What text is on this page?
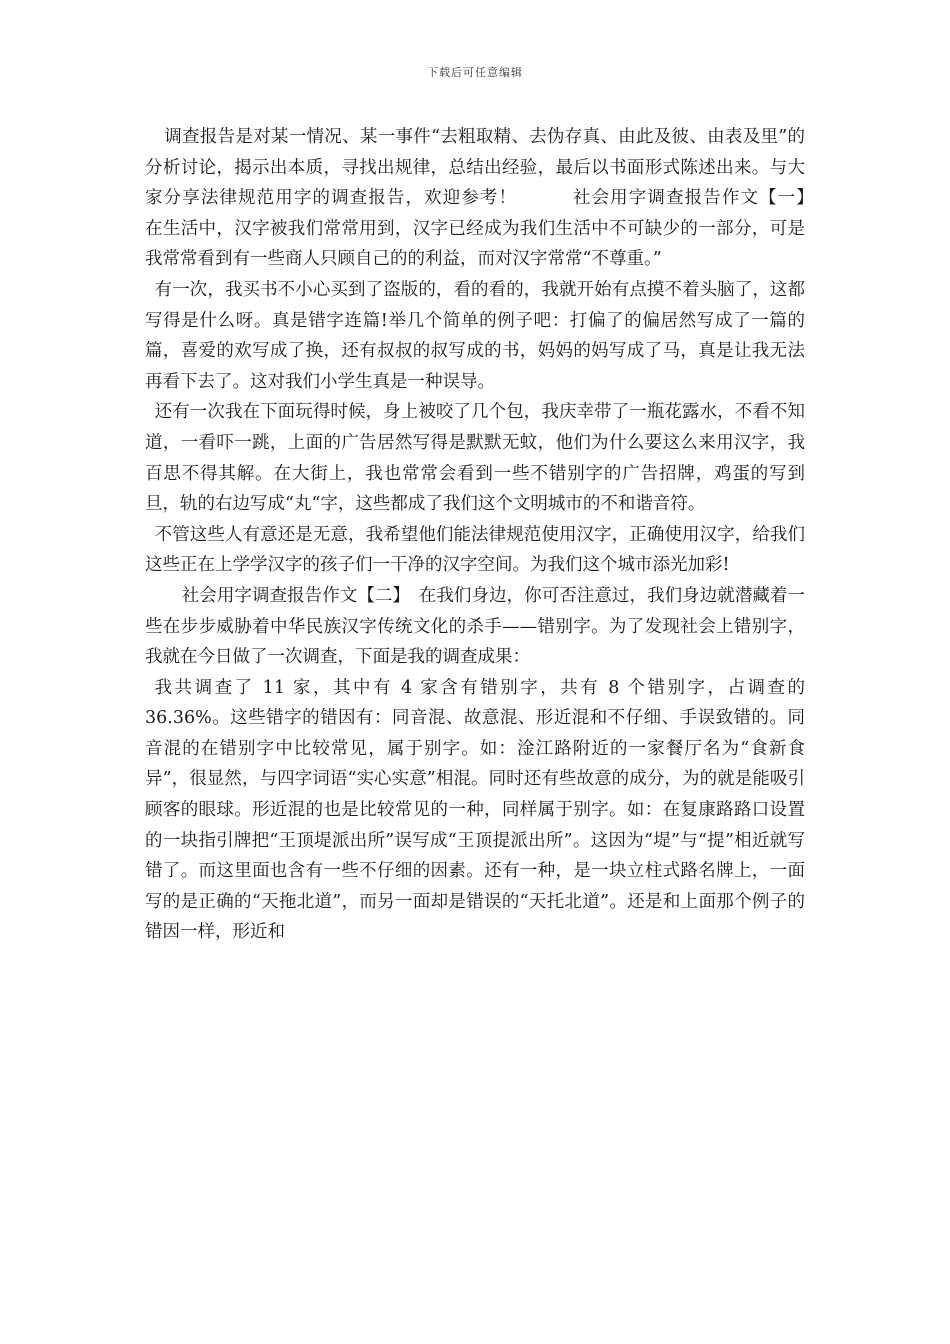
下载后可任意编辑

调查报告是对某一情况、某一事件“去粗取精、去伪存真、由此及彼、由表及里”的分析讨论，揭示出本质，寻找出规律，总结出经验，最后以书面形式陈述出来。与大家分享法律规范用字的调查报告，欢迎参考！　　　社会用字调查报告作文【一】　　在生活中，汉字被我们常常用到，汉字已经成为我们生活中不可缺少的一部分，可是我常常看到有一些商人只顾自己的的利益，而对汉字常常“不尊重。”

有一次，我买书不小心买到了盗版的，看的看的，我就开始有点摸不着头脑了，这都写得是什么呀。真是错字连篇!举几个简单的例子吧：打偏了的偏居然写成了一篇的篇，喜爱的欢写成了换，还有叔叔的叔写成的书，妈妈的妈写成了马，真是让我无法再看下去了。这对我们小学生真是一种误导。

还有一次我在下面玩得时候，身上被咬了几个包，我庆幸带了一瓶花露水，不看不知道，一看吓一跳，上面的广告居然写得是默默无蚊，他们为什么要这么来用汉字，我百思不得其解。在大街上，我也常常会看到一些不错别字的广告招牌，鸡蛋的写到旦，轨的右边写成“丸“字，这些都成了我们这个文明城市的不和谐音符。

不管这些人有意还是无意，我希望他们能法律规范使用汉字，正确使用汉字，给我们这些正在上学学汉字的孩子们一干净的汉字空间。为我们这个城市添光加彩!

社会用字调查报告作文【二】　在我们身边，你可否注意过，我们身边就潜藏着一些在步步威胁着中华民族汉字传统文化的杀手——错别字。为了发现社会上错别字，我就在今日做了一次调查，下面是我的调查成果：

我共调查了 11 家，其中有 4 家含有错别字，共有 8 个错别字，占调查的 36.36%。这些错字的错因有：同音混、故意混、形近混和不仔细、手误致错的。同音混的在错别字中比较常见，属于别字。如：淦江路附近的一家餐厅名为“食新食异”，很显然，与四字词语“实心实意”相混。同时还有些故意的成分，为的就是能吸引顾客的眼球。形近混的也是比较常见的一种，同样属于别字。如：在复康路路口设置的一块指引牌把“王顶堤派出所”误写成“王顶提派出所”。这因为“堤”与“提”相近就写错了。而这里面也含有一些不仔细的因素。还有一种，是一块立柱式路名牌上，一面写的是正确的“天拖北道”，而另一面却是错误的“天托北道”。还是和上面那个例子的错因一样，形近和
